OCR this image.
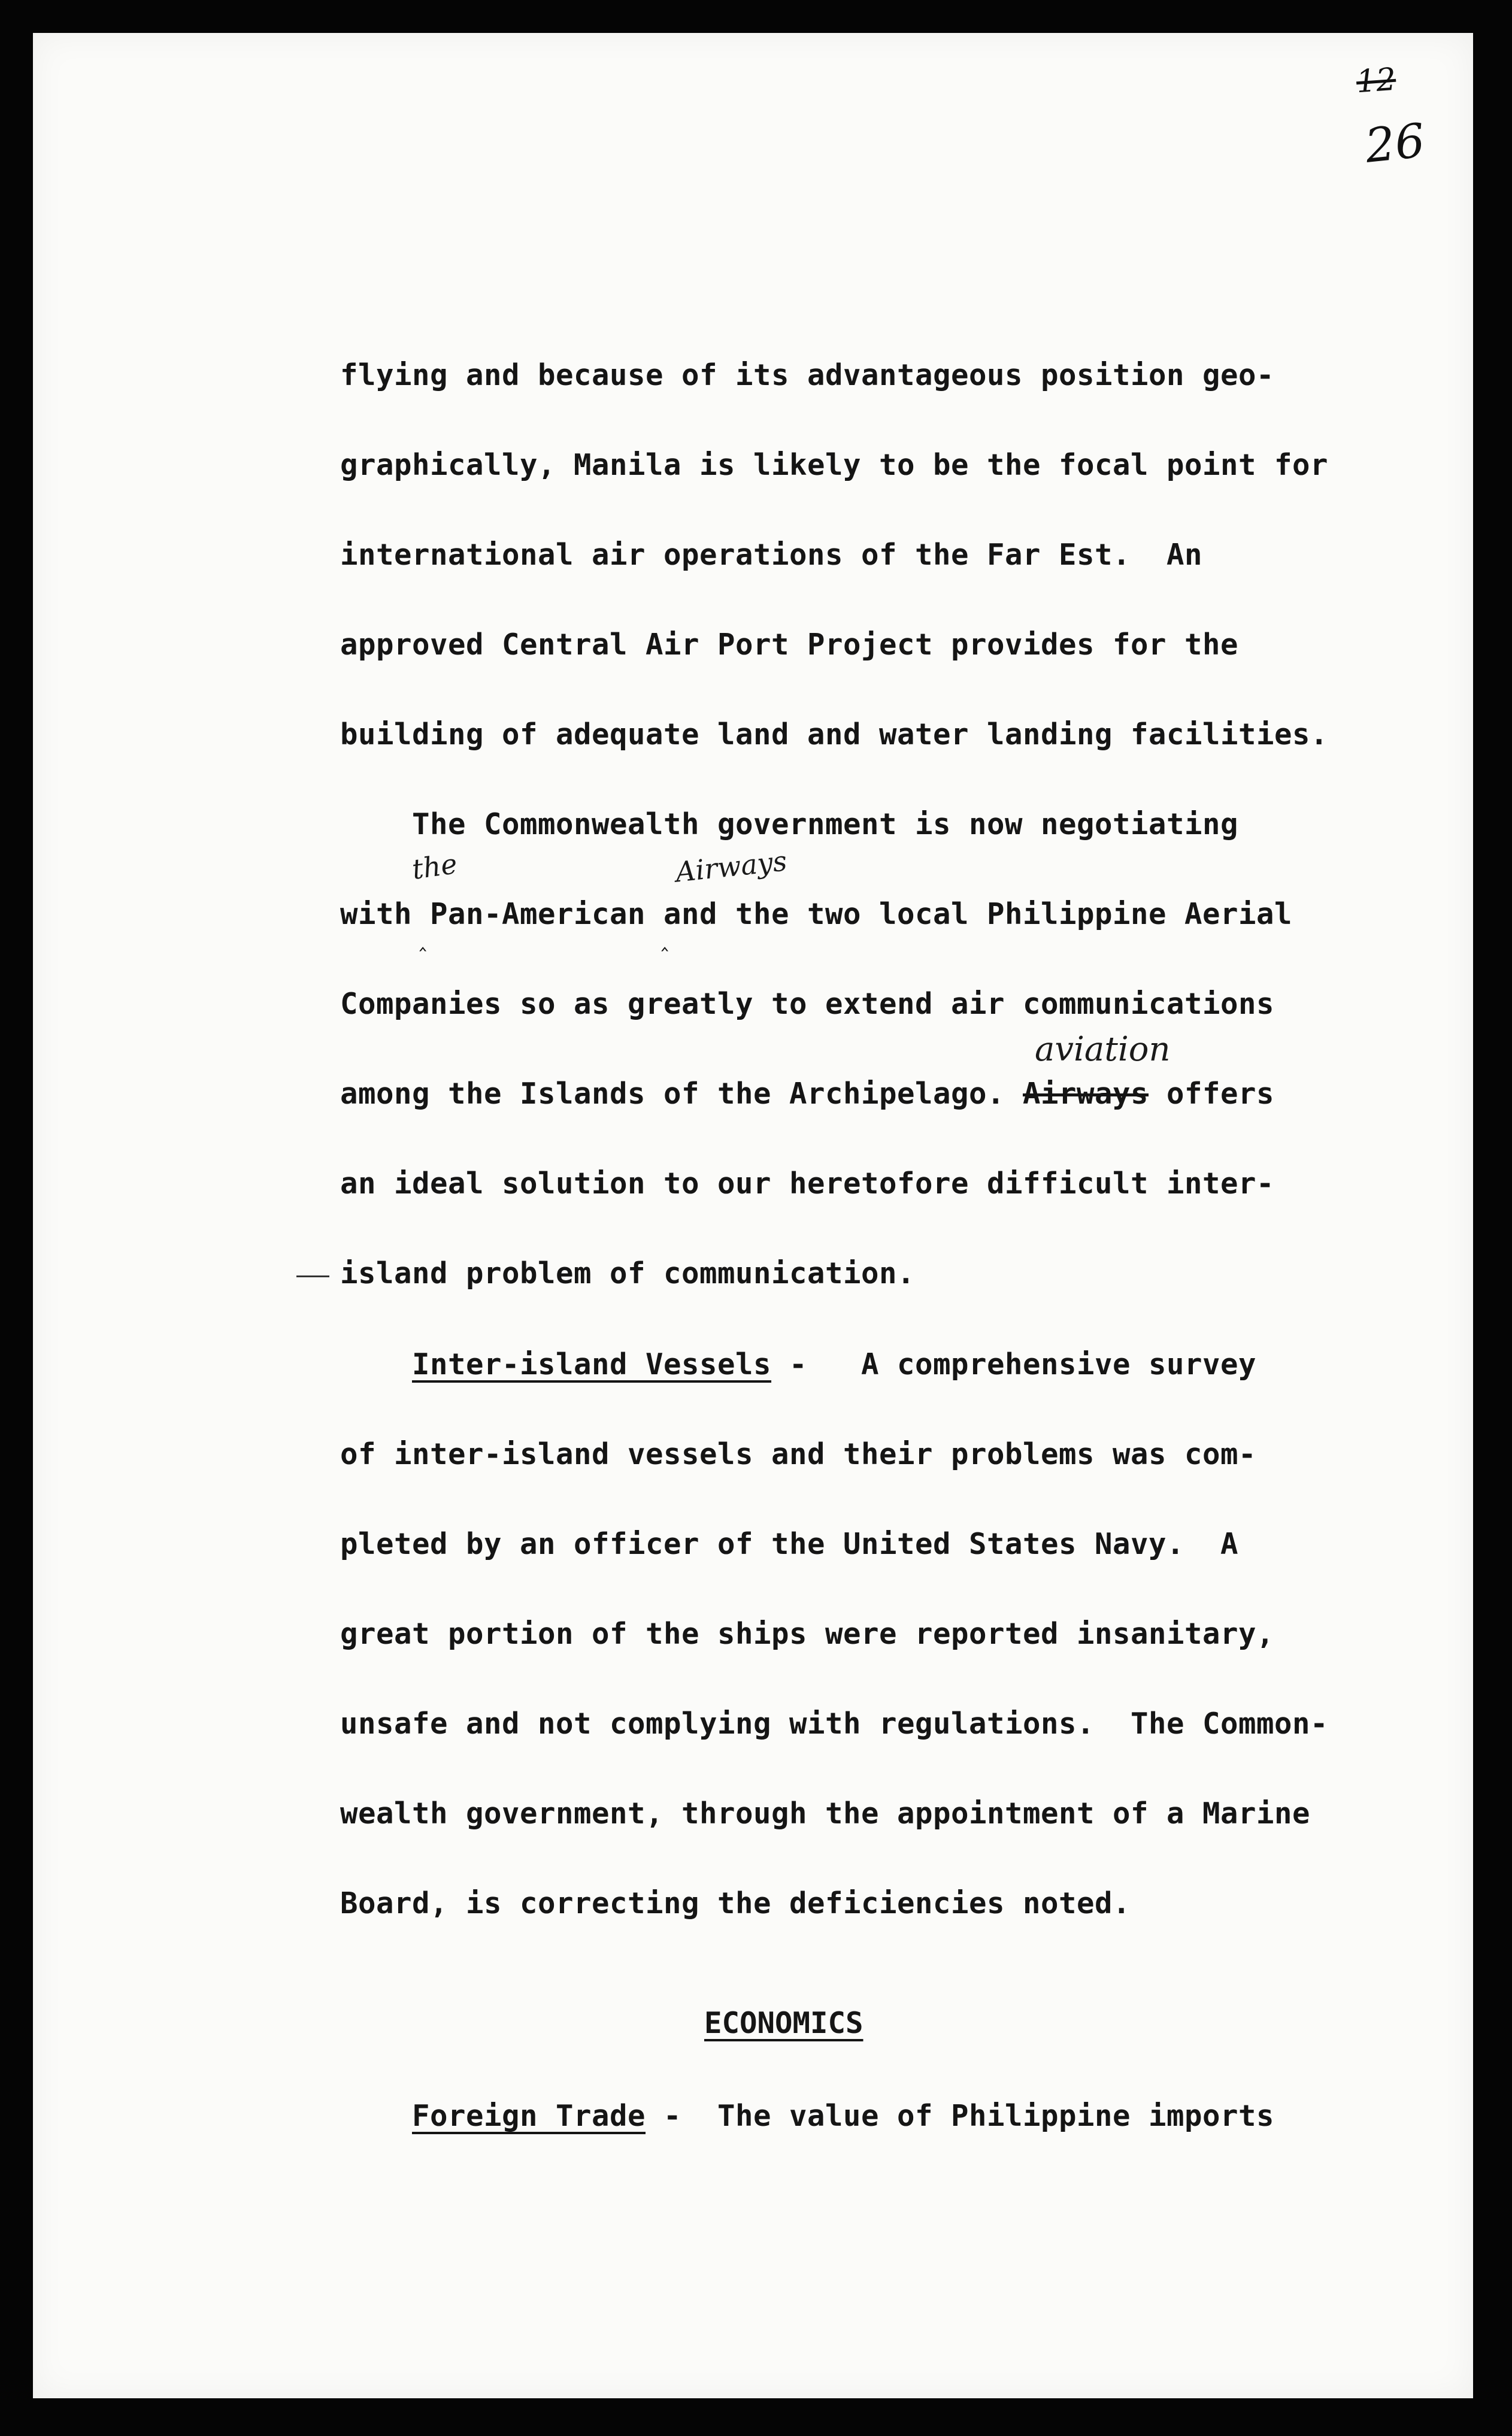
12
26
flying and because of its advantageous position geo-
graphically, Manila is likely to be the focal point for
international air operations of the Far Est.  An
approved Central Air Port Project provides for the
building of adequate land and water landing facilities.
The Commonwealth government is now negotiating
the	Airways
with Pan-American and the two local Philippine Aerial
‸	‸
Companies so as greatly to extend air communications
aviation
among the Islands of the Archipelago. Airways offers
an ideal solution to our heretofore difficult inter-
island problem of communication.
Inter-island Vessels -   A comprehensive survey
of inter-island vessels and their problems was com-
pleted by an officer of the United States Navy.  A
great portion of the ships were reported insanitary,
unsafe and not complying with regulations.  The Common-
wealth government, through the appointment of a Marine
Board, is correcting the deficiencies noted.
ECONOMICS
Foreign Trade -  The value of Philippine imports
